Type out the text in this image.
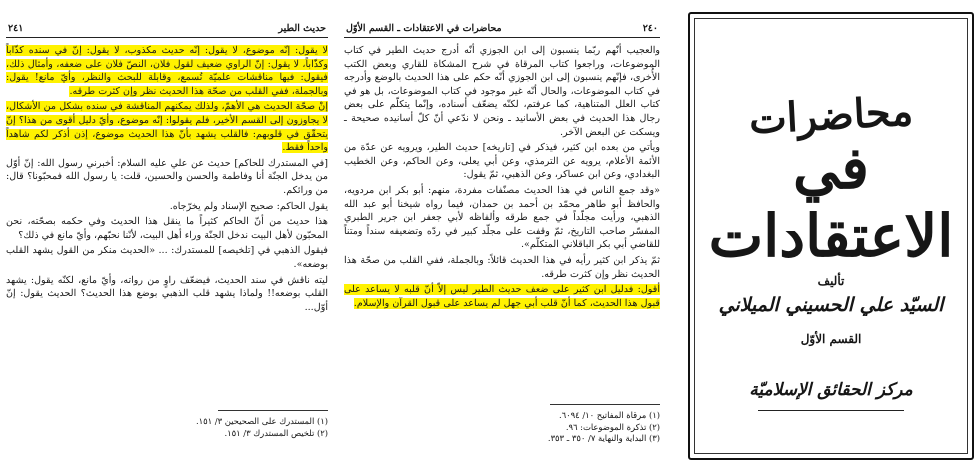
٢٤١	حديث الطير

لا يقول: إنّه موضوع، لا يقول: إنّه حديث مكذوب، لا يقول: إنّ في سنده كذّاباً وكذّاباً، لا يقول: إنّ الراوي ضعيف لقول فلان، النصّ فلان على ضعفه، وأمثال ذلك، فيقول: فيها مناقشات علميّة تُسمع، وقابلة للبحث والنظر، وأيّ مانع! يقول: وبالجملة، ففي القلب من صحّة هذا الحديث نظر وإن كثرت طرقه.

إنْ صحّة الحديث هي الأهمّ، ولذلك يمكنهم المناقشة في سنده بشكل من الأشكال، لا يجاوزون إلى القسم الأخير، فلم يقولوا: إنّه موضوع، وأيّ دليل أقوى من هذا؟ إنّ يتحقّق في قلوبهم: فالقلب يشهد بأنّ هذا الحديث موضوع، إذن أذكر لكم شاهداً واحداً فقط.

[في المستدرك للحاكم] حديث عن علي عليه السلام: أخبرني رسول الله: إنّ أوّل من يدخل الجنّة أنا وفاطمة والحسن والحسين، قلت: يا رسول الله فمحبّونا؟ قال: من ورائكم.

يقول الحاكم: صحيح الإسناد ولم يخرّجاه.

هذا حديث من أنّ الحاكم كثيراً ما ينقل هذا الحديث وفي حكمه بصحّته، نحن المحبّون لأهل البيت ندخل الجنّة وراء أهل البيت، لأنّنا نحبّهم، وأيّ مانع في ذلك؟

فيقول الذهبي في [تلخيصه] للمستدرك: ... «الحديث منكر من القول يشهد القلب بوضعه».

ليته ناقش في سند الحديث، فيضعّف راوٍ من رواته، وأيّ مانع، لكنّه يقول: يشهد القلب بوضعه!! ولماذا يشهد قلب الذهبي بوضع هذا الحديث؟ الحديث يقول: إنّ أوّل...

(١) المستدرك على الصحيحين ٣/ ١٥١.
(٢) تلخيص المستدرك ٣/ ١٥١.
٢٤٠
محاضرات في الاعتقادات ـ القسم الأوّل

والعجيب أنّهم ربّما ينسبون إلى ابن الجوزي أنّه أدرج حديث الطير في كتاب الموضوعات، وراجعوا كتاب المرقاة في شرح المشكاة للقاري وبعض الكتب الأُخرى، فإنّهم ينسبون إلى ابن الجوزي أنّه حكم على هذا الحديث بالوضع وأدرجه في كتاب الموضوعات، والحال أنّه غير موجود في كتاب الموضوعات، بل هو في كتاب العلل المتناهية، كما عرفتم، لكنّه يضعّف أسناده، وإنّما يتكلّم على بعض رجال هذا الحديث في بعض الأسانيد ـ ونحن لا ندّعي أنّ كلّ أسانيده صحيحة ـ ويسكت عن البعض الآخر.

ويأتي من بعده ابن كثير، فيذكر في [تاريخه] حديث الطير، ويرويه عن عدّة من الأئمة الأعلام، يرويه عن الترمذي، وعن أبي يعلى، وعن الحاكم، وعن الخطيب البغدادي، وعن ابن عساكر، وعن الذهبي، ثمّ يقول:

«وقد جمع الناس في هذا الحديث مصنّفات مفردة، منهم: أبو بكر ابن مردويه، والحافظ أبو طاهر محمّد بن أحمد بن حمدان، فيما رواه شيخنا أبو عبد الله الذهبي، ورأيت مجلّداً في جمع طرقه وألفاظه لأبي جعفر ابن جرير الطبري المفسّر صاحب التاريخ، ثمّ وقفت على مجلّد كبير في ردّه وتضعيفه سنداً ومتناً للقاضي أبي بكر الباقلاني المتكلّم».

ثمّ يذكر ابن كثير رأيه في هذا الحديث قائلاً: وبالجملة، ففي القلب من صحّة هذا الحديث نظر وإن كثرت طرقه.

أقول: فدليل ابن كثير على ضعف حديث الطير ليس إلاّ أنّ قلبه لا يساعد على قبول هذا الحديث، كما أنّ قلب أبي جهل لم يساعد على قبول القرآن والإسلام.

(١) مرقاة المفاتيح ١٠/ ٦٠٩٤.
(٢) تذكرة الموضوعات: ٩٦.
(٣) البداية والنهاية ٧/ ٣٥٠ ـ ٣٥٣.
محاضرات
في الاعتقادات
تأليف
السيّد علي الحسيني الميلاني
القسم الأوّل
مركز الحقائق الإسلاميّة
